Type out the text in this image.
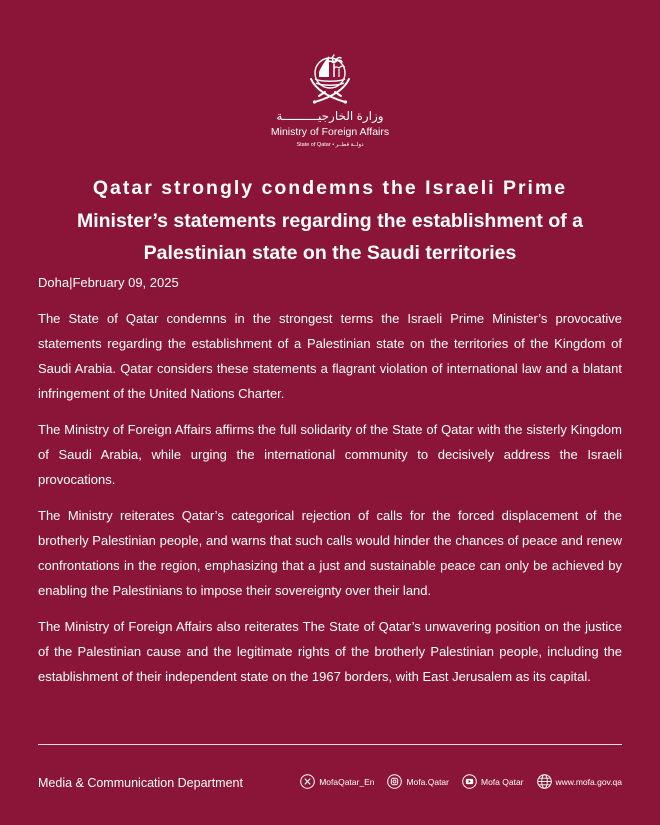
وزارة الخارجيــــــــــة
Ministry of Foreign Affairs
State of Qatar • دولــة قطــر
Qatar strongly condemns the Israeli Prime
Minister’s statements regarding the establishment of a
Palestinian state on the Saudi territories
Doha|February 09, 2025

The State of Qatar condemns in the strongest terms the Israeli Prime Minister’s provocative statements regarding the establishment of a Palestinian state on the territories of the Kingdom of Saudi Arabia. Qatar considers these statements a flagrant violation of international law and a blatant infringement of the United Nations Charter.

The Ministry of Foreign Affairs affirms the full solidarity of the State of Qatar with the sisterly Kingdom of Saudi Arabia, while urging the international community to decisively address the Israeli provocations.

The Ministry reiterates Qatar’s categorical rejection of calls for the forced displacement of the brotherly Palestinian people, and warns that such calls would hinder the chances of peace and renew confrontations in the region, emphasizing that a just and sustainable peace can only be achieved by enabling the Palestinians to impose their sovereignty over their land.

The Ministry of Foreign Affairs also reiterates The State of Qatar’s unwavering position on the justice of the Palestinian cause and the legitimate rights of the brotherly Palestinian people, including the establishment of their independent state on the 1967 borders, with East Jerusalem as its capital.

Media & Communication Department	MofaQatar_En	Mofa.Qatar	Mofa Qatar	www.mofa.gov.qa
